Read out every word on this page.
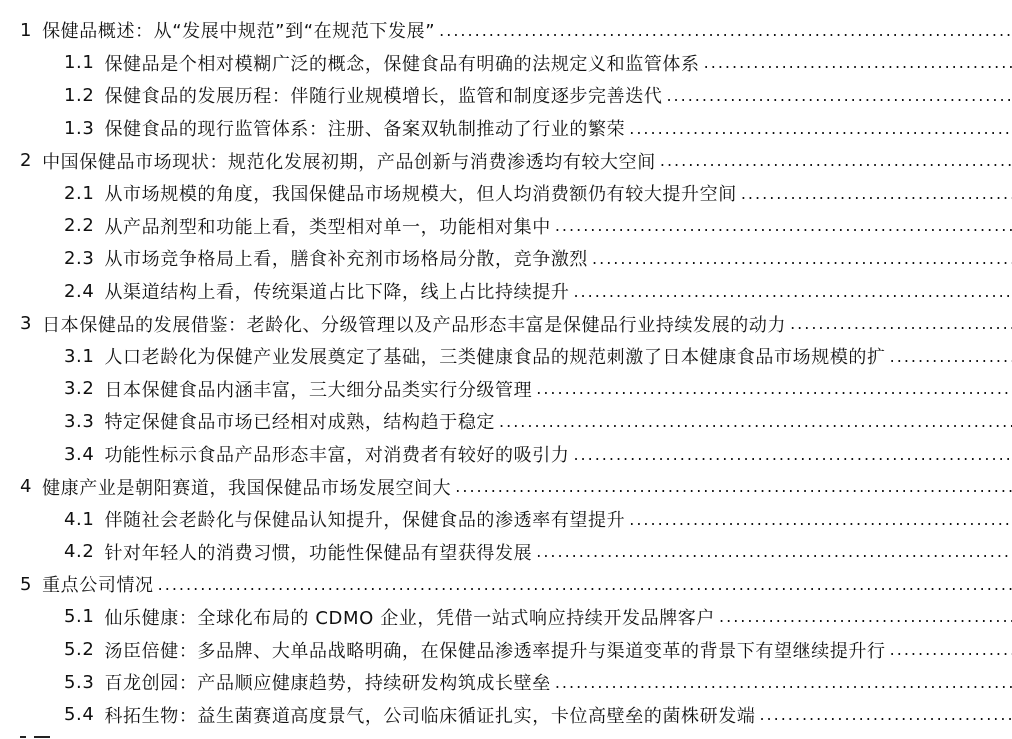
1 保健品概述：从“发展中规范”到“在规范下发展”
.....
1.1 保健品是个相对模糊广泛的概念，保健食品有明确的法规定义和监管体系
.....
1.2 保健食品的发展历程：伴随行业规模增长，监管和制度逐步完善迭代
.....
1.3 保健食品的现行监管体系：注册、备案双轨制推动了行业的繁荣
.....
2 中国保健品市场现状：规范化发展初期，产品创新与消费渗透均有较大空间
.....
2.1 从市场规模的角度，我国保健品市场规模大，但人均消费额仍有较大提升空间
.....
2.2 从产品剂型和功能上看，类型相对单一，功能相对集中
.....
2.3 从市场竞争格局上看，膳食补充剂市场格局分散，竞争激烈
.....
2.4 从渠道结构上看，传统渠道占比下降，线上占比持续提升
.....
3 日本保健品的发展借鉴：老龄化、分级管理以及产品形态丰富是保健品行业持续发展的动力
.....
3.1 人口老龄化为保健产业发展奠定了基础，三类健康食品的规范刺激了日本健康食品市场规模的扩
.....
3.2 日本保健食品内涵丰富，三大细分品类实行分级管理
.....
3.3 特定保健食品市场已经相对成熟，结构趋于稳定
.....
3.4 功能性标示食品产品形态丰富，对消费者有较好的吸引力
.....
4 健康产业是朝阳赛道，我国保健品市场发展空间大
.....
4.1 伴随社会老龄化与保健品认知提升，保健食品的渗透率有望提升
.....
4.2 针对年轻人的消费习惯，功能性保健品有望获得发展
.....
5 重点公司情况
.....
5.1 仙乐健康：全球化布局的 CDMO 企业，凭借一站式响应持续开发品牌客户
.....
5.2 汤臣倍健：多品牌、大单品战略明确，在保健品渗透率提升与渠道变革的背景下有望继续提升行
.....
5.3 百龙创园：产品顺应健康趋势，持续研发构筑成长壁垒
.....
5.4 科拓生物：益生菌赛道高度景气，公司临床循证扎实，卡位高壁垒的菌株研发端
.....
